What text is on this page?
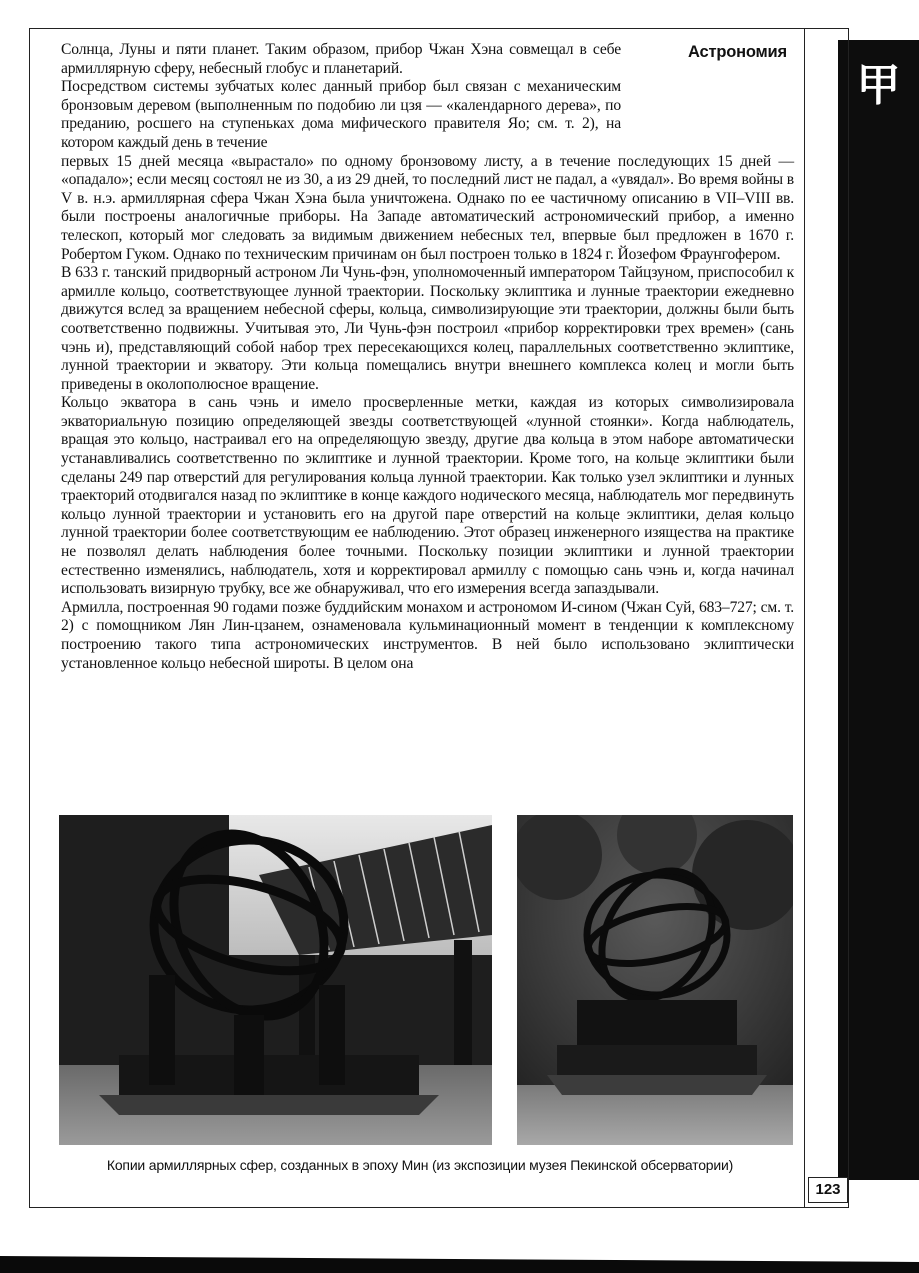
甲
Астрономия

Солнца, Луны и пяти планет. Таким образом, прибор Чжан Хэна совмещал в себе армиллярную сферу, небесный глобус и планетарий.

Посредством системы зубчатых колес данный прибор был связан с механическим бронзовым деревом (выполненным по подобию ли цзя — «календарного дерева», по преданию, росшего на ступеньках дома мифического правителя Яо; см. т. 2), на котором каждый день в течение

первых 15 дней месяца «вырастало» по одному бронзовому листу, а в течение последующих 15 дней — «опадало»; если месяц состоял не из 30, а из 29 дней, то последний лист не падал, а «увядал». Во время войны в V в. н.э. армиллярная сфера Чжан Хэна была уничтожена. Однако по ее частичному описанию в VII–VIII вв. были построены аналогичные приборы. На Западе автоматический астрономический прибор, а именно телескоп, который мог следовать за видимым движением небесных тел, впервые был предложен в 1670 г. Робертом Гуком. Однако по техническим причинам он был построен только в 1824 г. Йозефом Фраунгофером.

В 633 г. танский придворный астроном Ли Чунь-фэн, уполномоченный императором Тайцзуном, приспособил к армилле кольцо, соответствующее лунной траектории. Поскольку эклиптика и лунные траектории ежедневно движутся вслед за вращением небесной сферы, кольца, символизирующие эти траектории, должны были быть соответственно подвижны. Учитывая это, Ли Чунь-фэн построил «прибор корректировки трех времен» (сань чэнь и), представляющий собой набор трех пересекающихся колец, параллельных соответственно эклиптике, лунной траектории и экватору. Эти кольца помещались внутри внешнего комплекса колец и могли быть приведены в околополюсное вращение.

Кольцо экватора в сань чэнь и имело просверленные метки, каждая из которых символизировала экваториальную позицию определяющей звезды соответствующей «лунной стоянки». Когда наблюдатель, вращая это кольцо, настраивал его на определяющую звезду, другие два кольца в этом наборе автоматически устанавливались соответственно по эклиптике и лунной траектории. Кроме того, на кольце эклиптики были сделаны 249 пар отверстий для регулирования кольца лунной траектории. Как только узел эклиптики и лунных траекторий отодвигался назад по эклиптике в конце каждого нодического месяца, наблюдатель мог передвинуть кольцо лунной траектории и установить его на другой паре отверстий на кольце эклиптики, делая кольцо лунной траектории более соответствующим ее наблюдению. Этот образец инженерного изящества на практике не позволял делать наблюдения более точными. Поскольку позиции эклиптики и лунной траектории естественно изменялись, наблюдатель, хотя и корректировал армиллу с помощью сань чэнь и, когда начинал использовать визирную трубку, все же обнаруживал, что его измерения всегда запаздывали.

Армилла, построенная 90 годами позже буддийским монахом и астрономом И-сином (Чжан Суй, 683–727; см. т. 2) с помощником Лян Лин-цзанем, ознаменовала кульминационный момент в тенденции к комплексному построению такого типа астрономических инструментов. В ней было использовано эклиптически установленное кольцо небесной широты. В целом она

Копии армиллярных сфер, созданных в эпоху Мин (из экспозиции музея Пекинской обсерватории)
123
